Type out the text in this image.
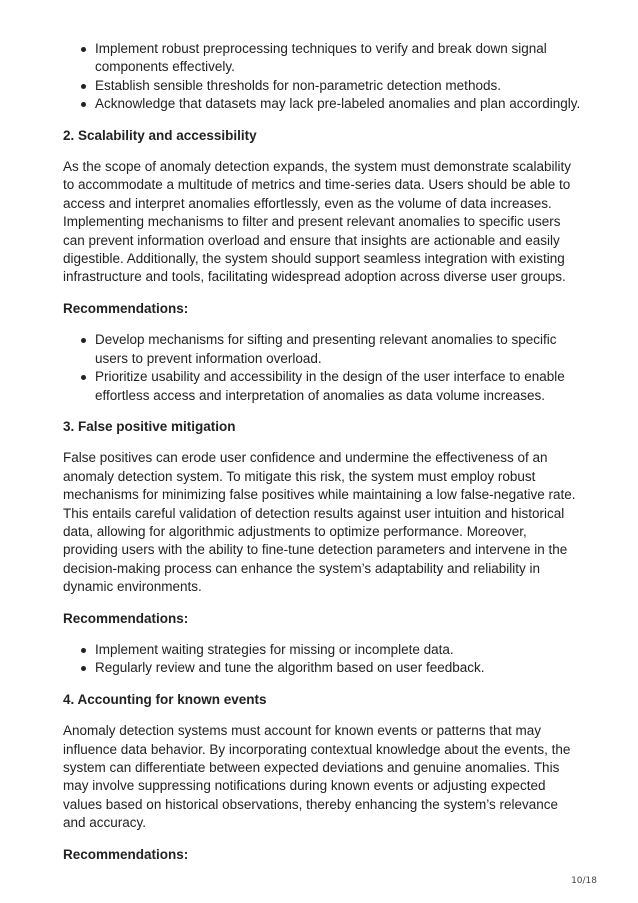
Implement robust preprocessing techniques to verify and break down signal components effectively.
Establish sensible thresholds for non-parametric detection methods.
Acknowledge that datasets may lack pre-labeled anomalies and plan accordingly.

2. Scalability and accessibility

As the scope of anomaly detection expands, the system must demonstrate scalability to accommodate a multitude of metrics and time-series data. Users should be able to access and interpret anomalies effortlessly, even as the volume of data increases. Implementing mechanisms to filter and present relevant anomalies to specific users can prevent information overload and ensure that insights are actionable and easily digestible. Additionally, the system should support seamless integration with existing infrastructure and tools, facilitating widespread adoption across diverse user groups.

Recommendations:

Develop mechanisms for sifting and presenting relevant anomalies to specific users to prevent information overload.
Prioritize usability and accessibility in the design of the user interface to enable effortless access and interpretation of anomalies as data volume increases.

3. False positive mitigation

False positives can erode user confidence and undermine the effectiveness of an anomaly detection system. To mitigate this risk, the system must employ robust mechanisms for minimizing false positives while maintaining a low false-negative rate. This entails careful validation of detection results against user intuition and historical data, allowing for algorithmic adjustments to optimize performance. Moreover, providing users with the ability to fine-tune detection parameters and intervene in the decision-making process can enhance the system’s adaptability and reliability in dynamic environments.

Recommendations:

Implement waiting strategies for missing or incomplete data.
Regularly review and tune the algorithm based on user feedback.

4. Accounting for known events

Anomaly detection systems must account for known events or patterns that may influence data behavior. By incorporating contextual knowledge about the events, the system can differentiate between expected deviations and genuine anomalies. This may involve suppressing notifications during known events or adjusting expected values based on historical observations, thereby enhancing the system’s relevance and accuracy.

Recommendations:

10/18
